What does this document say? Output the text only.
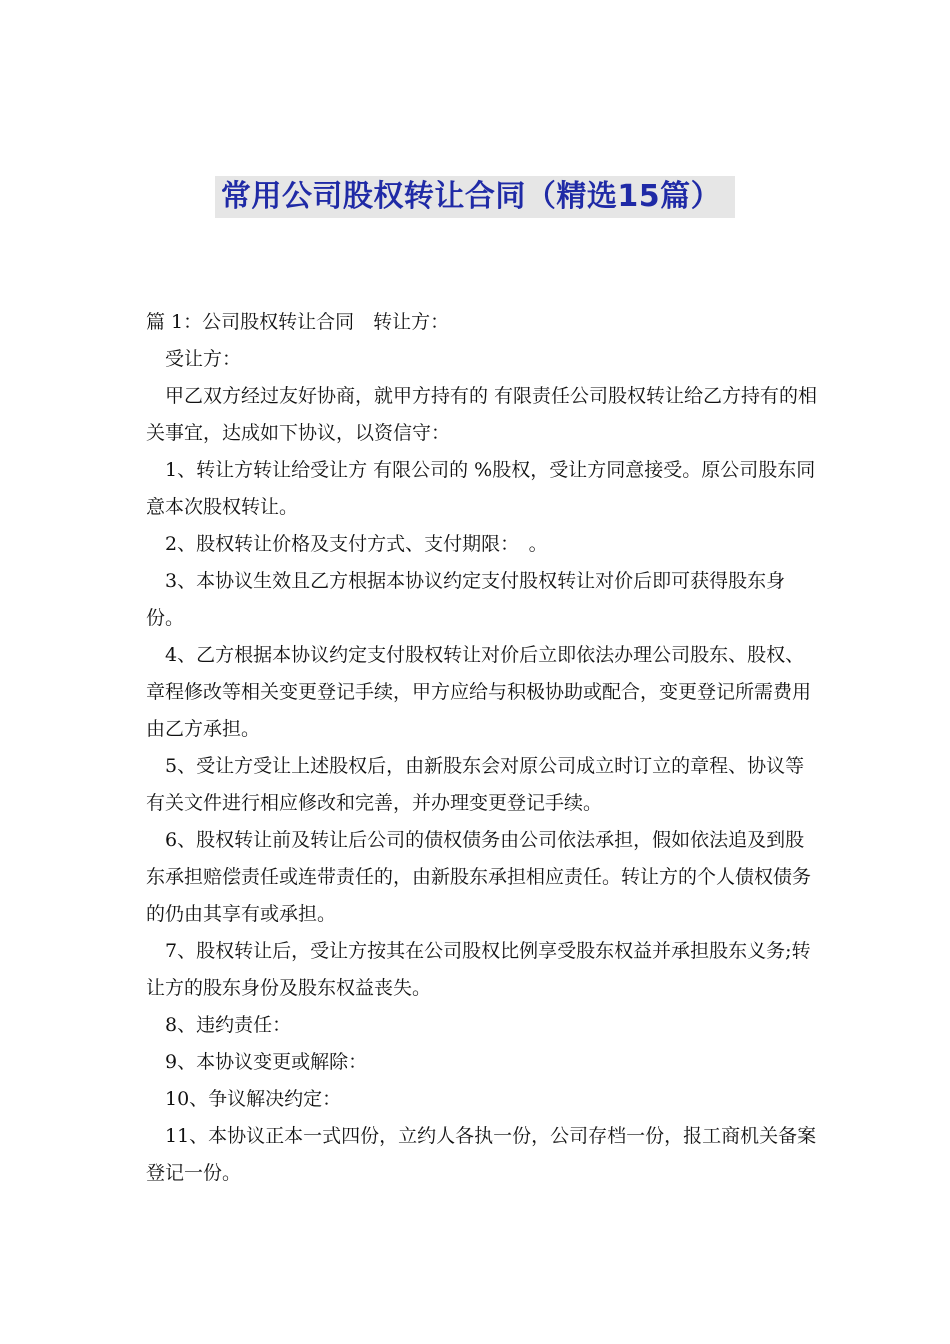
常用公司股权转让合同（精选15篇）

篇 1：公司股权转让合同　转让方：

受让方：

甲乙双方经过友好协商，就甲方持有的 有限责任公司股权转让给乙方持有的相关事宜，达成如下协议，以资信守：

1、转让方转让给受让方 有限公司的 %股权，受让方同意接受。原公司股东同意本次股权转让。

2、股权转让价格及支付方式、支付期限：　。

3、本协议生效且乙方根据本协议约定支付股权转让对价后即可获得股东身份。

4、乙方根据本协议约定支付股权转让对价后立即依法办理公司股东、股权、章程修改等相关变更登记手续，甲方应给与积极协助或配合，变更登记所需费用由乙方承担。

5、受让方受让上述股权后，由新股东会对原公司成立时订立的章程、协议等有关文件进行相应修改和完善，并办理变更登记手续。

6、股权转让前及转让后公司的债权债务由公司依法承担，假如依法追及到股东承担赔偿责任或连带责任的，由新股东承担相应责任。转让方的个人债权债务的仍由其享有或承担。

7、股权转让后，受让方按其在公司股权比例享受股东权益并承担股东义务;转让方的股东身份及股东权益丧失。

8、违约责任：

9、本协议变更或解除：

10、争议解决约定：

11、本协议正本一式四份，立约人各执一份，公司存档一份，报工商机关备案登记一份。
